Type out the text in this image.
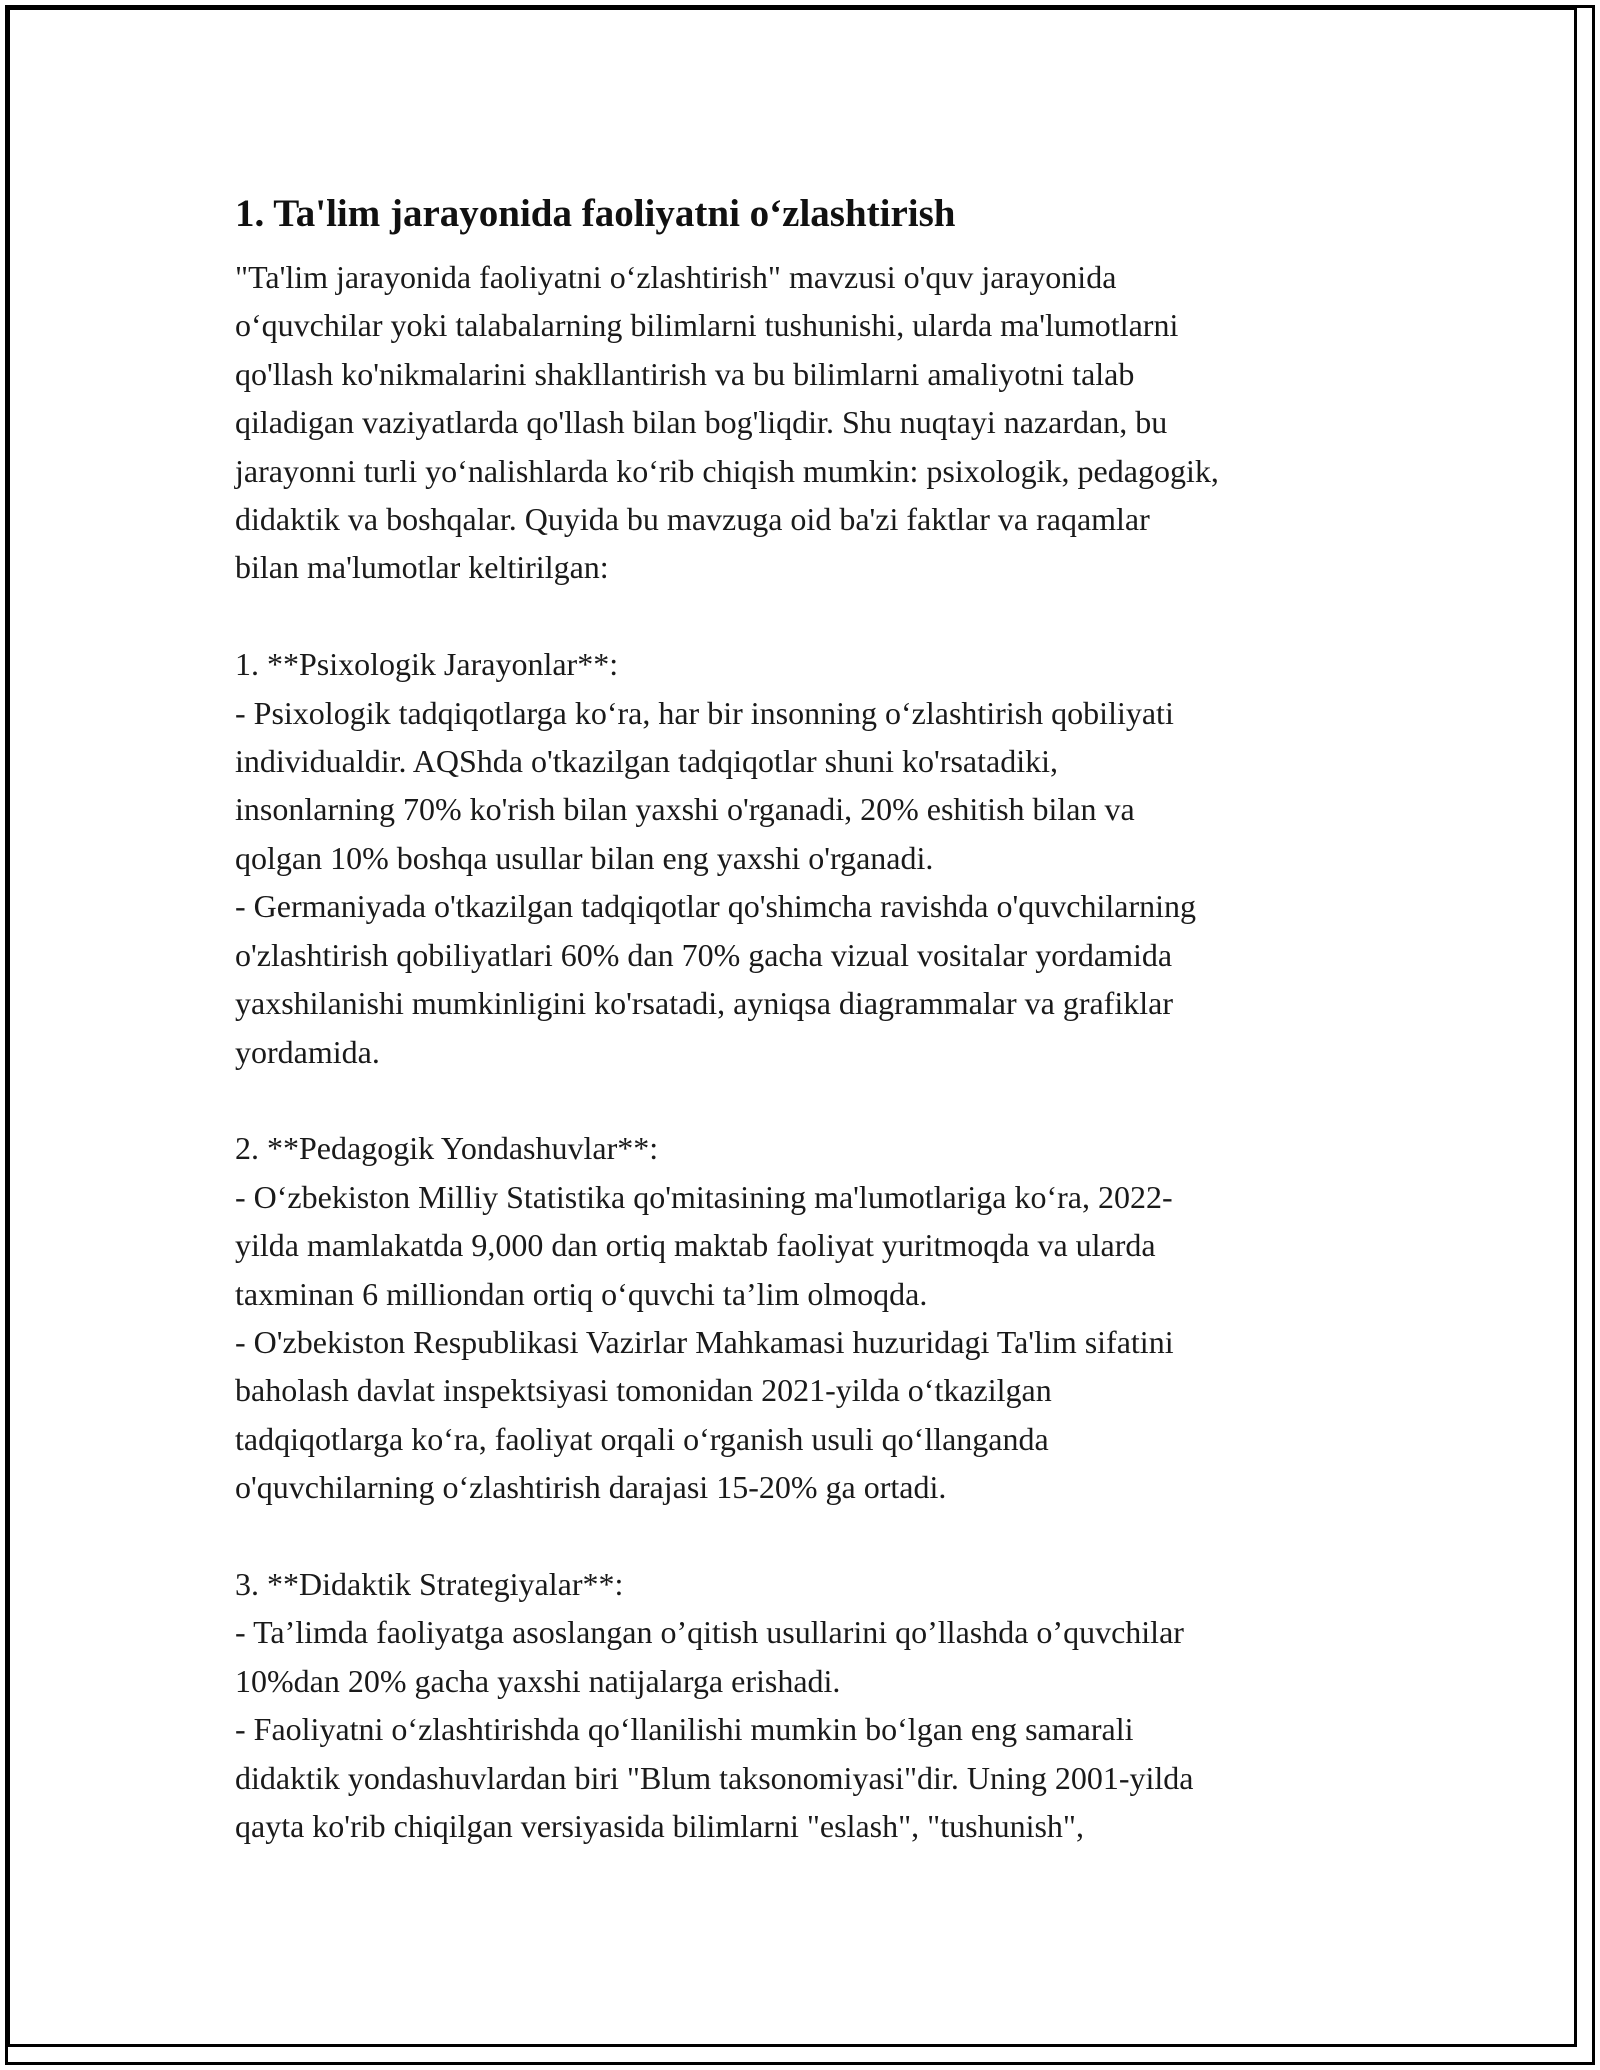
1. Ta'lim jarayonida faoliyatni o‘zlashtirish
"Ta'lim jarayonida faoliyatni o‘zlashtirish" mavzusi o'quv jarayonida
o‘quvchilar yoki talabalarning bilimlarni tushunishi, ularda ma'lumotlarni
qo'llash ko'nikmalarini shakllantirish va bu bilimlarni amaliyotni talab
qiladigan vaziyatlarda qo'llash bilan bog'liqdir. Shu nuqtayi nazardan, bu
jarayonni turli yo‘nalishlarda ko‘rib chiqish mumkin: psixologik, pedagogik,
didaktik va boshqalar. Quyida bu mavzuga oid ba'zi faktlar va raqamlar
bilan ma'lumotlar keltirilgan:

1. **Psixologik Jarayonlar**:
- Psixologik tadqiqotlarga ko‘ra, har bir insonning o‘zlashtirish qobiliyati
individualdir. AQShda o'tkazilgan tadqiqotlar shuni ko'rsatadiki,
insonlarning 70% ko'rish bilan yaxshi o'rganadi, 20% eshitish bilan va
qolgan 10% boshqa usullar bilan eng yaxshi o'rganadi.
- Germaniyada o'tkazilgan tadqiqotlar qo'shimcha ravishda o'quvchilarning
o'zlashtirish qobiliyatlari 60% dan 70% gacha vizual vositalar yordamida
yaxshilanishi mumkinligini ko'rsatadi, ayniqsa diagrammalar va grafiklar
yordamida.

2. **Pedagogik Yondashuvlar**:
- O‘zbekiston Milliy Statistika qo'mitasining ma'lumotlariga ko‘ra, 2022-
yilda mamlakatda 9,000 dan ortiq maktab faoliyat yuritmoqda va ularda
taxminan 6 milliondan ortiq o‘quvchi ta’lim olmoqda.
- O'zbekiston Respublikasi Vazirlar Mahkamasi huzuridagi Ta'lim sifatini
baholash davlat inspektsiyasi tomonidan 2021-yilda o‘tkazilgan
tadqiqotlarga ko‘ra, faoliyat orqali o‘rganish usuli qo‘llanganda
o'quvchilarning o‘zlashtirish darajasi 15-20% ga ortadi.

3. **Didaktik Strategiyalar**:
- Ta’limda faoliyatga asoslangan o’qitish usullarini qo’llashda o’quvchilar
10%dan 20% gacha yaxshi natijalarga erishadi.
- Faoliyatni o‘zlashtirishda qo‘llanilishi mumkin bo‘lgan eng samarali
didaktik yondashuvlardan biri "Blum taksonomiyasi"dir. Uning 2001-yilda
qayta ko'rib chiqilgan versiyasida bilimlarni "eslash", "tushunish",
